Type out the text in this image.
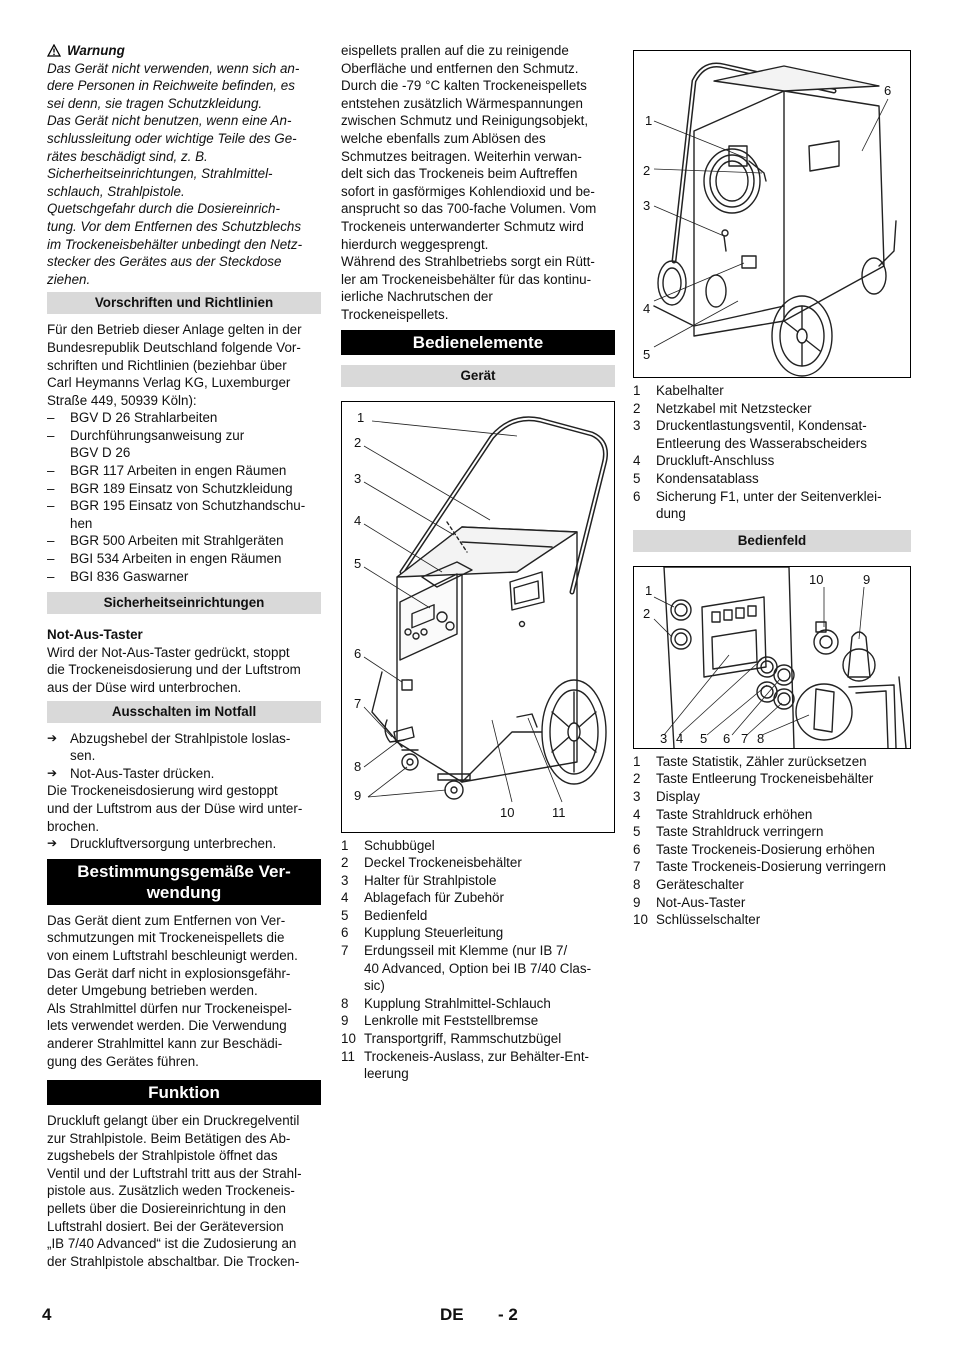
Warnung
Das Gerät nicht verwenden, wenn sich an-
dere Personen in Reichweite befinden, es
sei denn, sie tragen Schutzkleidung.
Das Gerät nicht benutzen, wenn eine An-
schlussleitung oder wichtige Teile des Ge-
rätes beschädigt sind, z. B.
Sicherheitseinrichtungen, Strahlmittel-
schlauch, Strahlpistole.
Quetschgefahr durch die Dosiereinrich-
tung. Vor dem Entfernen des Schutzblechs
im Trockeneisbehälter unbedingt den Netz-
stecker des Gerätes aus der Steckdose
ziehen.
Vorschriften und Richtlinien
Für den Betrieb dieser Anlage gelten in der
Bundesrepublik Deutschland folgende Vor-
schriften und Richtlinien (beziehbar über
Carl Heymanns Verlag KG, Luxemburger
Straße 449, 50939 Köln):
– BGV D 26 Strahlarbeiten
– Durchführungsanweisung zur
BGV D 26
– BGR 117 Arbeiten in engen Räumen
– BGR 189 Einsatz von Schutzkleidung
– BGR 195 Einsatz von Schutzhandschu-
hen
– BGR 500 Arbeiten mit Strahlgeräten
– BGI 534 Arbeiten in engen Räumen
– BGI 836 Gaswarner
Sicherheitseinrichtungen
Not-Aus-Taster
Wird der Not-Aus-Taster gedrückt, stoppt
die Trockeneisdosierung und der Luftstrom
aus der Düse wird unterbrochen.
Ausschalten im Notfall
➔ Abzugshebel der Strahlpistole loslas-
sen.
➔ Not-Aus-Taster drücken.
Die Trockeneisdosierung wird gestoppt
und der Luftstrom aus der Düse wird unter-
brochen.
➔ Druckluftversorgung unterbrechen.
Bestimmungsgemäße Ver-
wendung
Das Gerät dient zum Entfernen von Ver-
schmutzungen mit Trockeneispellets die
von einem Luftstrahl beschleunigt werden.
Das Gerät darf nicht in explosionsgefähr-
deter Umgebung betrieben werden.
Als Strahlmittel dürfen nur Trockeneispel-
lets verwendet werden. Die Verwendung
anderer Strahlmittel kann zur Beschädi-
gung des Gerätes führen.
Funktion
Druckluft gelangt über ein Druckregelventil
zur Strahlpistole. Beim Betätigen des Ab-
zugshebels der Strahlpistole öffnet das
Ventil und der Luftstrahl tritt aus der Strahl-
pistole aus. Zusätzlich weden Trockeneis-
pellets über die Dosiereinrichtung in den
Luftstrahl dosiert. Bei der Geräteversion
„IB 7/40 Advanced“ ist die Zudosierung an
der Strahlpistole abschaltbar. Die Trocken-
eispellets prallen auf die zu reinigende
Oberfläche und entfernen den Schmutz.
Durch die -79 °C kalten Trockeneispellets
entstehen zusätzlich Wärmespannungen
zwischen Schmutz und Reinigungsobjekt,
welche ebenfalls zum Ablösen des
Schmutzes beitragen. Weiterhin verwan-
delt sich das Trockeneis beim Auftreffen
sofort in gasförmiges Kohlendioxid und be-
ansprucht so das 700-fache Volumen. Vom
Trockeneis unterwanderter Schmutz wird
hierdurch weggesprengt.
Während des Strahlbetriebs sorgt ein Rütt-
ler am Trockeneisbehälter für das kontinu-
ierliche Nachrutschen der
Trockeneispellets.
Bedienelemente
Gerät
1
2
3
4
5
6
7
8
9
10	11
1	Schubbügel
2	Deckel Trockeneisbehälter
3	Halter für Strahlpistole
4	Ablagefach für Zubehör
5	Bedienfeld
6	Kupplung Steuerleitung
7	Erdungsseil mit Klemme (nur IB 7/
40 Advanced, Option bei IB 7/40 Clas-
sic)
8	Kupplung Strahlmittel-Schlauch
9	Lenkrolle mit Feststellbremse
10 Transportgriff, Rammschutzbügel
11 Trockeneis-Auslass, zur Behälter-Ent-
leerung
1
2
3
4
5
6
1	Kabelhalter
2	Netzkabel mit Netzstecker
3	Druckentlastungsventil, Kondensat-
Entleerung des Wasserabscheiders
4	Druckluft-Anschluss
5	Kondensatablass
6	Sicherung F1, unter der Seitenverklei-
dung
Bedienfeld
1
2
10	9
3 4 5 6 7 8
1	Taste Statistik, Zähler zurücksetzen
2	Taste Entleerung Trockeneisbehälter
3	Display
4	Taste Strahldruck erhöhen
5	Taste Strahldruck verringern
6	Taste Trockeneis-Dosierung erhöhen
7	Taste Trockeneis-Dosierung verringern
8	Geräteschalter
9	Not-Aus-Taster
10 Schlüsselschalter
4	DE - 2
